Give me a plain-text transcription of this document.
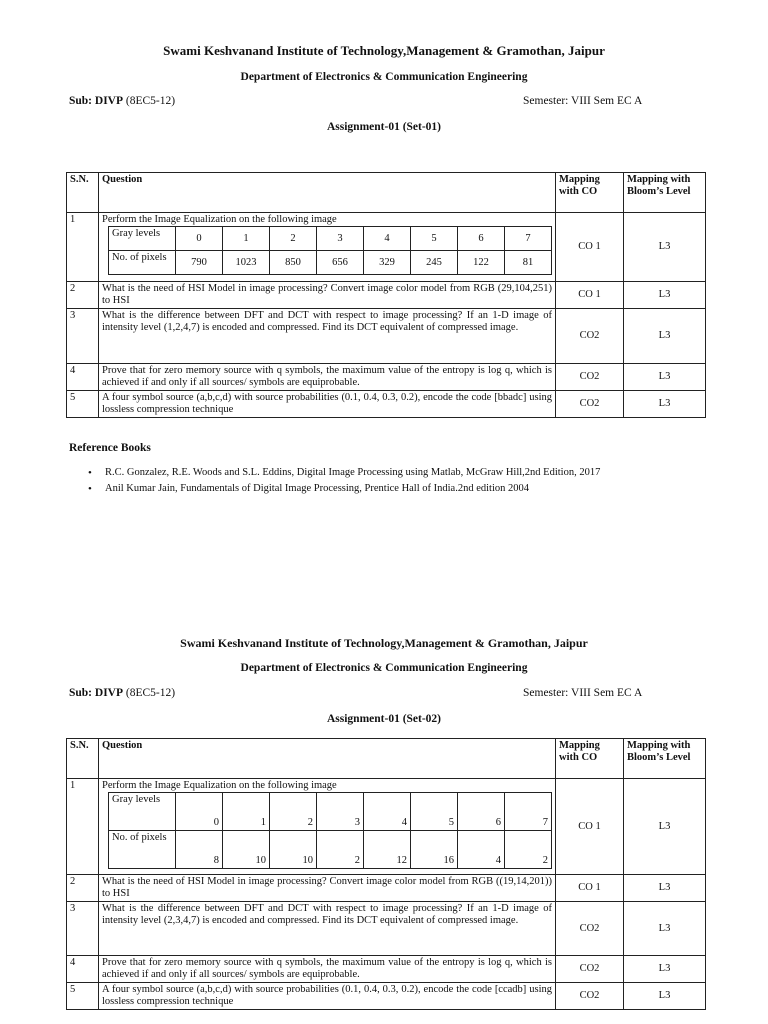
Swami Keshvanand Institute of Technology,Management & Gramothan, Jaipur
Department of Electronics & Communication Engineering
Sub: DIVP (8EC5-12)	Semester: VIII Sem EC A
Assignment-01 (Set-01)
S.N.	Question	Mapping with CO	Mapping with Bloom’s Level
1	Perform the Image Equalization on the following image
Gray levels	0	1	2	3	4	5	6	7
No. of pixels	790	1023	850	656	329	245	122	81
	CO 1	L3
2	What is the need of HSI Model in image processing? Convert image color model from RGB (29,104,251) to HSI	CO 1	L3
3	What is the difference between DFT and DCT with respect to image processing? If an 1-D image of intensity level (1,2,4,7) is encoded and compressed. Find its DCT equivalent of compressed image.	CO2	L3
4	Prove that for zero memory source with q symbols, the maximum value of the entropy is log q, which is achieved if and only if all sources/ symbols are equiprobable.	CO2	L3
5	A four symbol source (a,b,c,d) with source probabilities (0.1, 0.4, 0.3, 0.2), encode the code [bbadc] using lossless compression technique	CO2	L3
Reference Books
• R.C. Gonzalez, R.E. Woods and S.L. Eddins, Digital Image Processing using Matlab, McGraw Hill,2nd Edition, 2017
• Anil Kumar Jain, Fundamentals of Digital Image Processing, Prentice Hall of India.2nd edition 2004
Swami Keshvanand Institute of Technology,Management & Gramothan, Jaipur
Department of Electronics & Communication Engineering
Sub: DIVP (8EC5-12)	Semester: VIII Sem EC A
Assignment-01 (Set-02)
S.N.	Question	Mapping with CO	Mapping with Bloom’s Level
1	Perform the Image Equalization on the following image
Gray levels	0	1	2	3	4	5	6	7
No. of pixels	8	10	10	2	12	16	4	2
	CO 1	L3
2	What is the need of HSI Model in image processing? Convert image color model from RGB ((19,14,201)) to HSI	CO 1	L3
3	What is the difference between DFT and DCT with respect to image processing? If an 1-D image of intensity level (2,3,4,7) is encoded and compressed. Find its DCT equivalent of compressed image.	CO2	L3
4	Prove that for zero memory source with q symbols, the maximum value of the entropy is log q, which is achieved if and only if all sources/ symbols are equiprobable.	CO2	L3
5	A four symbol source (a,b,c,d) with source probabilities (0.1, 0.4, 0.3, 0.2), encode the code [ccadb] using lossless compression technique	CO2	L3
